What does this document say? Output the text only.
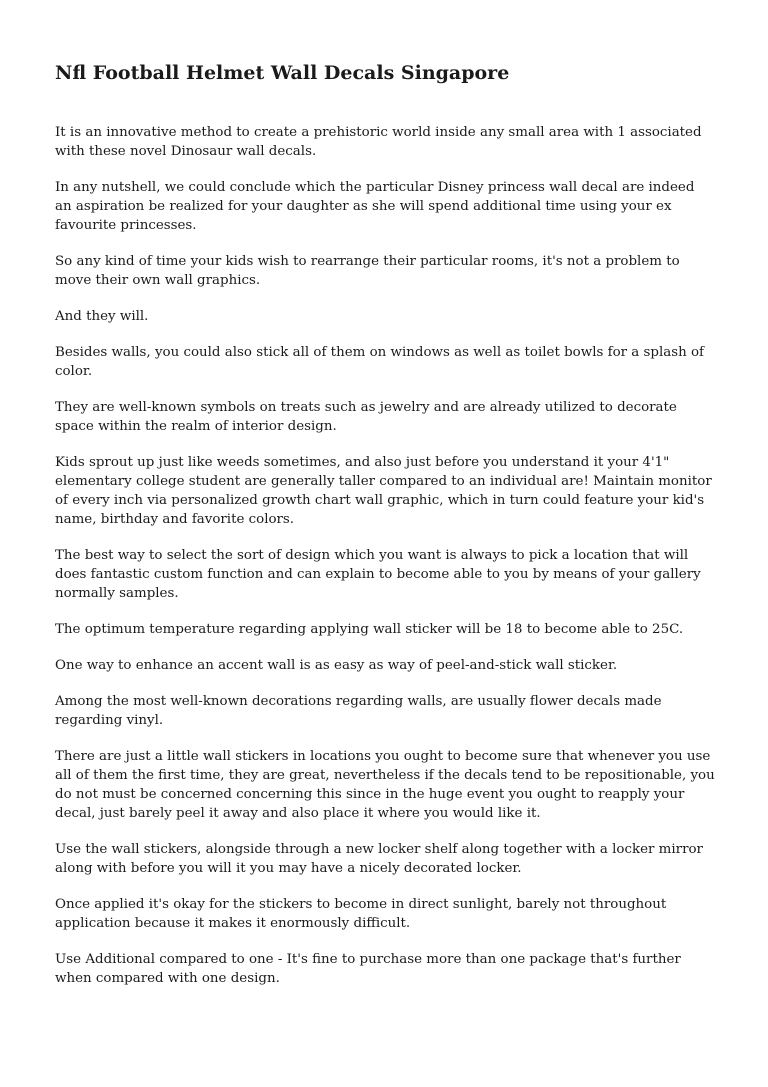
Nfl Football Helmet Wall Decals Singapore

It is an innovative method to create a prehistoric world inside any small area with 1 associated with these novel Dinosaur wall decals.

In any nutshell, we could conclude which the particular Disney princess wall decal are indeed an aspiration be realized for your daughter as she will spend additional time using your ex favourite princesses.

So any kind of time your kids wish to rearrange their particular rooms, it's not a problem to move their own wall graphics.

And they will.

Besides walls, you could also stick all of them on windows as well as toilet bowls for a splash of color.

They are well-known symbols on treats such as jewelry and are already utilized to decorate space within the realm of interior design.

Kids sprout up just like weeds sometimes, and also just before you understand it your 4'1" elementary college student are generally taller compared to an individual are! Maintain monitor of every inch via personalized growth chart wall graphic, which in turn could feature your kid's name, birthday and favorite colors.

The best way to select the sort of design which you want is always to pick a location that will does fantastic custom function and can explain to become able to you by means of your gallery normally samples.

The optimum temperature regarding applying wall sticker will be 18 to become able to 25C.

One way to enhance an accent wall is as easy as way of peel-and-stick wall sticker.

Among the most well-known decorations regarding walls, are usually flower decals made regarding vinyl.

There are just a little wall stickers in locations you ought to become sure that whenever you use all of them the first time, they are great, nevertheless if the decals tend to be repositionable, you do not must be concerned concerning this since in the huge event you ought to reapply your decal, just barely peel it away and also place it where you would like it.

Use the wall stickers, alongside through a new locker shelf along together with a locker mirror along with before you will it you may have a nicely decorated locker.

Once applied it's okay for the stickers to become in direct sunlight, barely not throughout application because it makes it enormously difficult.

Use Additional compared to one - It's fine to purchase more than one package that's further when compared with one design.
